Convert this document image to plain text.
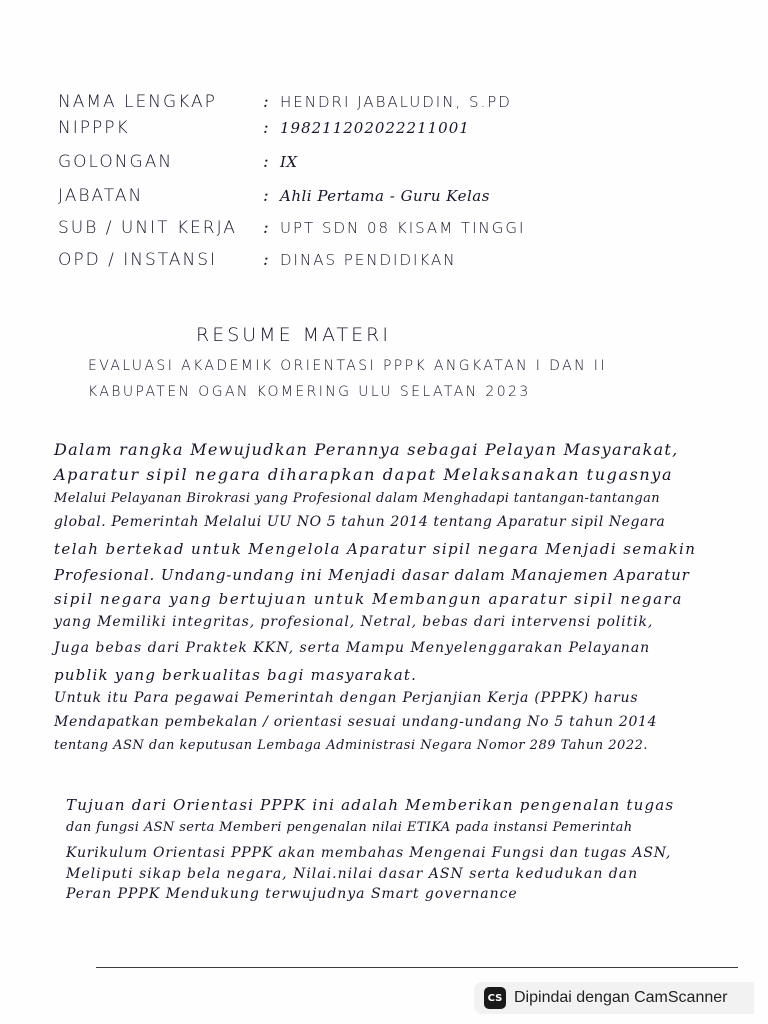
NAMA LENGKAP	: HENDRI JABALUDIN, S.PD
NIPPPK	: 198211202022211001
GOLONGAN	: IX
JABATAN	: Ahli Pertama - Guru Kelas
SUB / UNIT KERJA : UPT SDN 08 KISAM TINGGI
OPD / INSTANSI	: DINAS PENDIDIKAN
RESUME MATERI
EVALUASI AKADEMIK ORIENTASI PPPK ANGKATAN I DAN II
KABUPATEN OGAN KOMERING ULU SELATAN 2023
Dalam rangka Mewujudkan Perannya sebagai Pelayan Masyarakat,
Aparatur sipil negara diharapkan dapat Melaksanakan tugasnya
Melalui Pelayanan Birokrasi yang Profesional dalam Menghadapi tantangan-tantangan
global. Pemerintah Melalui UU NO 5 tahun 2014 tentang Aparatur sipil Negara
telah bertekad untuk Mengelola Aparatur sipil negara Menjadi semakin
Profesional. Undang-undang ini Menjadi dasar dalam Manajemen Aparatur
sipil negara yang bertujuan untuk Membangun aparatur sipil negara
yang Memiliki integritas, profesional, Netral, bebas dari intervensi politik,
Juga bebas dari Praktek KKN, serta Mampu Menyelenggarakan Pelayanan
publik yang berkualitas bagi masyarakat.
Untuk itu Para pegawai Pemerintah dengan Perjanjian Kerja (PPPK) harus
Mendapatkan pembekalan / orientasi sesuai undang-undang No 5 tahun 2014
tentang ASN dan keputusan Lembaga Administrasi Negara Nomor 289 Tahun 2022.
Tujuan dari Orientasi PPPK ini adalah Memberikan pengenalan tugas
dan fungsi ASN serta Memberi pengenalan nilai ETIKA pada instansi Pemerintah
Kurikulum Orientasi PPPK akan membahas Mengenai Fungsi dan tugas ASN,
Meliputi sikap bela negara, Nilai.nilai dasar ASN serta kedudukan dan
Peran PPPK Mendukung terwujudnya Smart governance
CS Dipindai dengan CamScanner
